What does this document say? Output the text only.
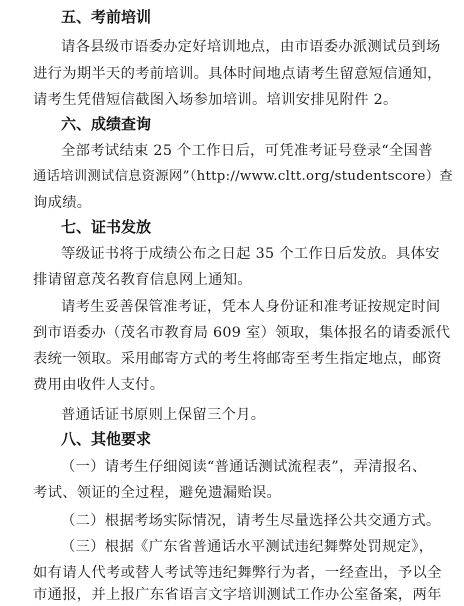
五、考前培训

请各县级市语委办定好培训地点，由市语委办派测试员到场

进行为期半天的考前培训。具体时间地点请考生留意短信通知，

请考生凭借短信截图入场参加培训。培训安排见附件 2。

六、成绩查询

全部考试结束 25 个工作日后，可凭准考证号登录“全国普

通话培训测试信息资源网”（http://www.cltt.org/studentscore）查

询成绩。

七、证书发放

等级证书将于成绩公布之日起 35 个工作日后发放。具体安

排请留意茂名教育信息网上通知。

请考生妥善保管准考证，凭本人身份证和准考证按规定时间

到市语委办（茂名市教育局 609 室）领取，集体报名的请委派代

表统一领取。采用邮寄方式的考生将邮寄至考生指定地点，邮资

费用由收件人支付。

普通话证书原则上保留三个月。

八、其他要求

（一）请考生仔细阅读“普通话测试流程表”，弄清报名、

考试、领证的全过程，避免遗漏贻误。

（二）根据考场实际情况，请考生尽量选择公共交通方式。

（三）根据《广东省普通话水平测试违纪舞弊处罚规定》，

如有请人代考或替人考试等违纪舞弊行为者，一经查出，予以全

市通报，并上报广东省语言文字培训测试工作办公室备案，两年
